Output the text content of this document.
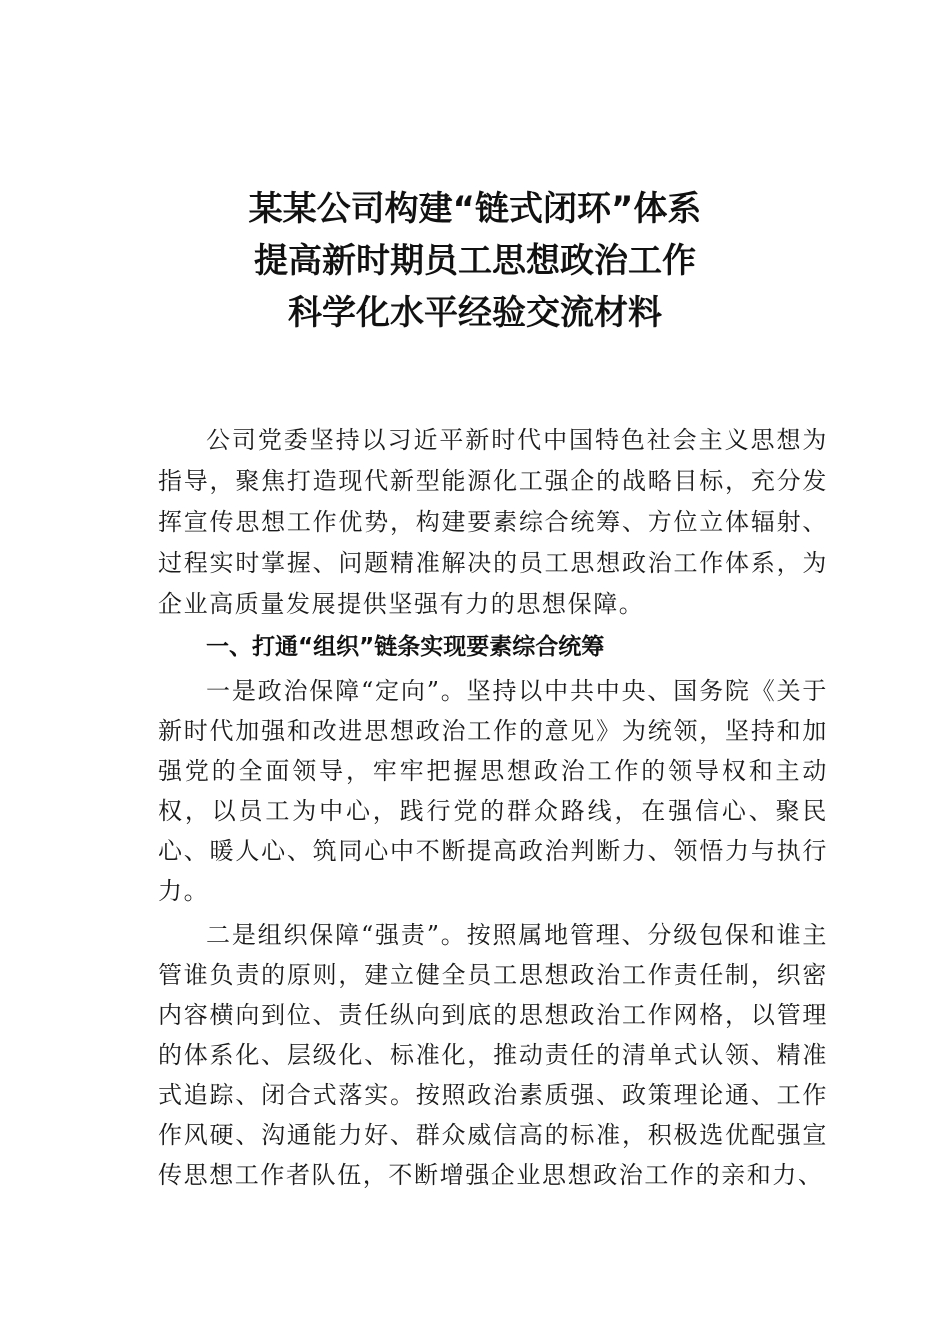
某某公司构建“链式闭环”体系
提高新时期员工思想政治工作
科学化水平经验交流材料

公司党委坚持以习近平新时代中国特色社会主义思想为指导，聚焦打造现代新型能源化工强企的战略目标，充分发挥宣传思想工作优势，构建要素综合统筹、方位立体辐射、过程实时掌握、问题精准解决的员工思想政治工作体系，为企业高质量发展提供坚强有力的思想保障。

一、打通“组织”链条实现要素综合统筹

一是政治保障“定向”。坚持以中共中央、国务院《关于新时代加强和改进思想政治工作的意见》为统领，坚持和加强党的全面领导，牢牢把握思想政治工作的领导权和主动权，以员工为中心，践行党的群众路线，在强信心、聚民心、暖人心、筑同心中不断提高政治判断力、领悟力与执行力。

二是组织保障“强责”。按照属地管理、分级包保和谁主管谁负责的原则，建立健全员工思想政治工作责任制，织密内容横向到位、责任纵向到底的思想政治工作网格，以管理的体系化、层级化、标准化，推动责任的清单式认领、精准式追踪、闭合式落实。按照政治素质强、政策理论通、工作作风硬、沟通能力好、群众威信高的标准，积极选优配强宣传思想工作者队伍，不断增强企业思想政治工作的亲和力、
